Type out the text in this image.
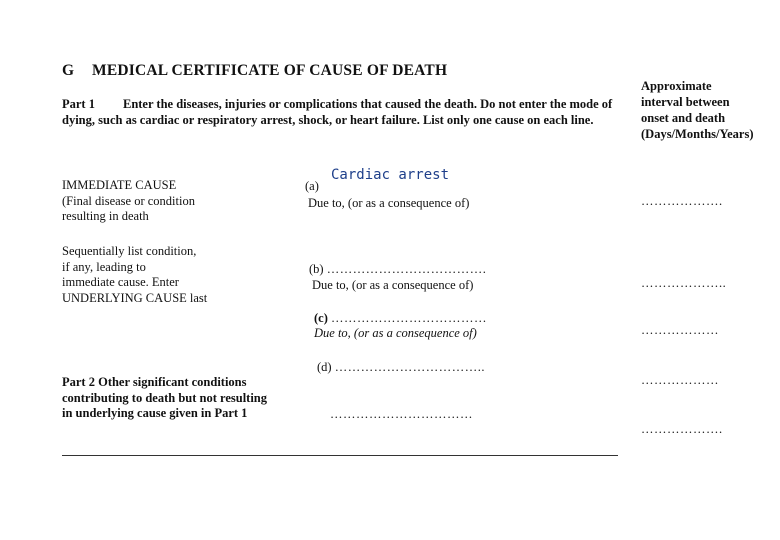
G MEDICAL CERTIFICATE OF CAUSE OF DEATH
Part 1 Enter the diseases, injuries or complications that caused the death. Do not enter the mode of dying, such as cardiac or respiratory arrest, shock, or heart failure. List only one cause on each line.
Approximate
interval between
onset and death
(Days/Months/Years)
IMMEDIATE CAUSE
(Final disease or condition
resulting in death
Sequentially list condition,
if any, leading to
immediate cause. Enter
UNDERLYING CAUSE last
(a)
Cardiac arrest
Due to, (or as a consequence of)
(b) ……………………………….
Due to, (or as a consequence of)
(c) ………………………………
Due to, (or as a consequence of)
(d) ……………………………..
……………….
………………..
………………
………………
……………….
Part 2 Other significant conditions
contributing to death but not resulting
in underlying cause given in Part 1	……………………………
